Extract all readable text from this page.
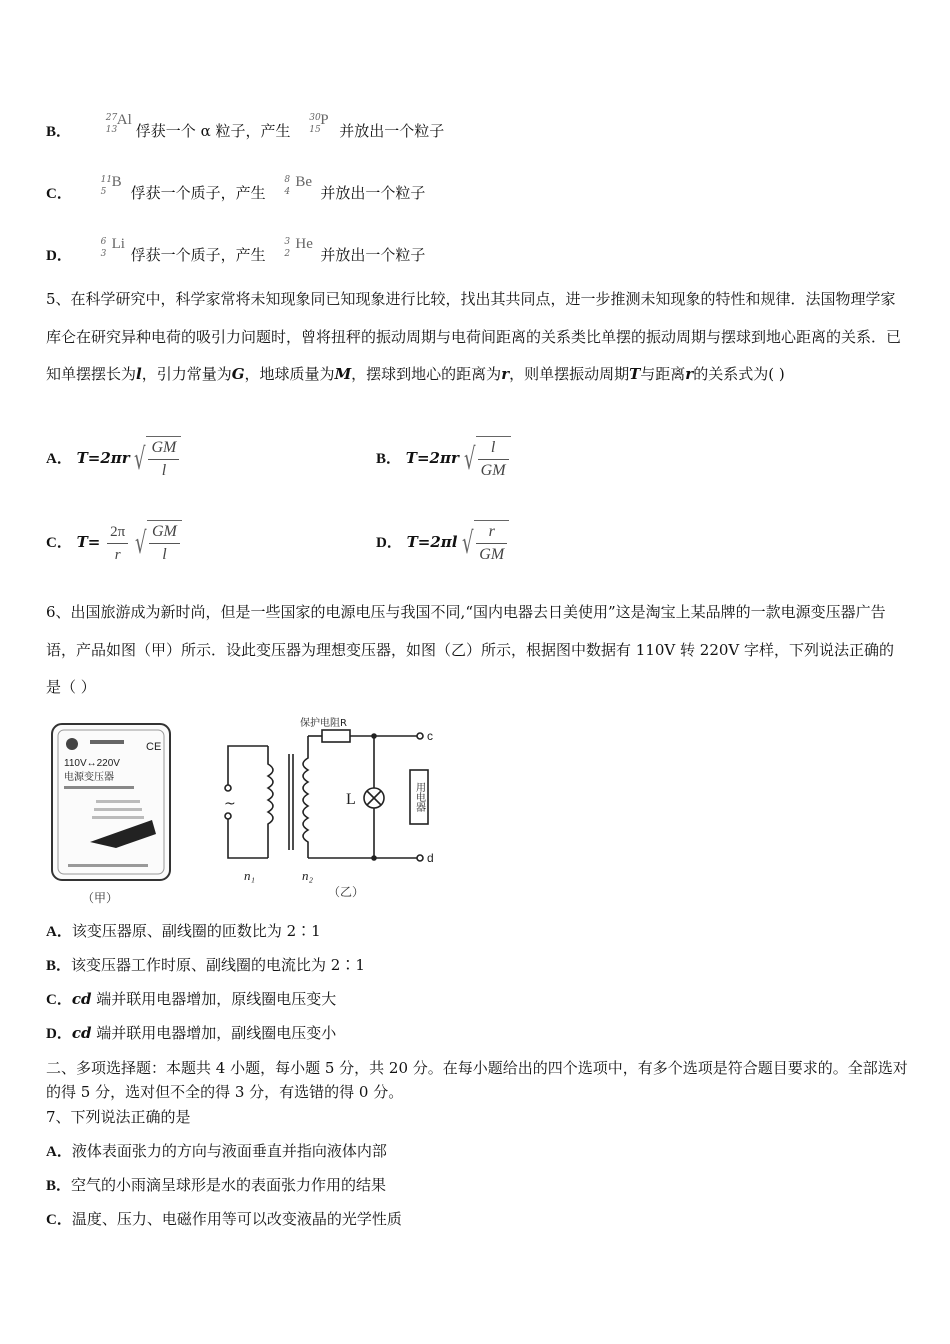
B．
27
13
Al
俘获一个 α 粒子，产生
30
15
P
并放出一个粒子
C．
11
5
B
俘获一个质子，产生
8
4
Be
并放出一个粒子
D．
6
3
Li
俘获一个质子，产生
3
2
He
并放出一个粒子
5、在科学研究中，科学家常将未知现象同已知现象进行比较，找出其共同点，进一步推测未知现象的特性和规律．法国物理学家库仑在研究异种电荷的吸引力问题时，曾将扭秤的振动周期与电荷间距离的关系类比单摆的振动周期与摆球到地心距离的关系．已知单摆摆长为l，引力常量为G，地球质量为M，摆球到地心的距离为r，则单摆振动周期T与距离r的关系式为( )
A． T=2πr √ $\frac{GM}{l}$	B． T=2πr √ $\frac{l}{GM}$
C． $T= \frac{2\pi}{r}$
√ $\frac{GM}{l}$	D． T=2πl √ $\frac{r}{GM}$
6、出国旅游成为新时尚，但是一些国家的电源电压与我国不同,“国内电器去日美使用”这是淘宝上某品牌的一款电源变压器广告语，产品如图（甲）所示．设此变压器为理想变压器，如图（乙）所示，根据图中数据有 110V 转 220V 字样，下列说法正确的是（ ）
CE
110V↔220V
电源变压器
（甲）
~
保护电阻R
L
c
d
用电器
n₁	n₂
（乙）
A．该变压器原、副线圈的匝数比为 2∶1
B．该变压器工作时原、副线圈的电流比为 2∶1
C．cd 端并联用电器增加，原线圈电压变大
D．cd 端并联用电器增加，副线圈电压变小
二、多项选择题：本题共 4 小题，每小题 5 分，共 20 分。在每小题给出的四个选项中，有多个选项是符合题目要求的。全部选对的得 5 分，选对但不全的得 3 分，有选错的得 0 分。
7、下列说法正确的是
A．液体表面张力的方向与液面垂直并指向液体内部
B．空气的小雨滴呈球形是水的表面张力作用的结果
C．温度、压力、电磁作用等可以改变液晶的光学性质
